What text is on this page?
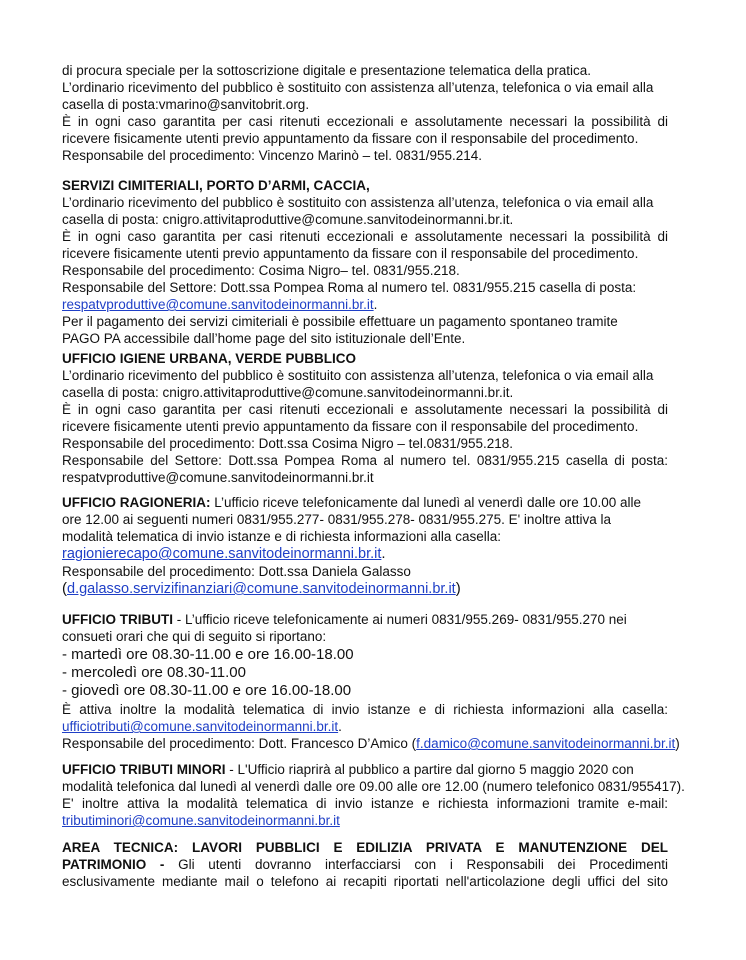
di procura speciale per la sottoscrizione digitale e presentazione telematica della pratica.
L’ordinario ricevimento del pubblico è sostituito con assistenza all’utenza, telefonica o via email alla
casella di posta:vmarino@sanvitobrit.org.
È in ogni caso garantita per casi ritenuti eccezionali e assolutamente necessari la possibilità di
ricevere fisicamente utenti previo appuntamento da fissare con il responsabile del procedimento.
Responsabile del procedimento: Vincenzo Marinò – tel. 0831/955.214.
SERVIZI CIMITERIALI, PORTO D’ARMI, CACCIA,
L’ordinario ricevimento del pubblico è sostituito con assistenza all’utenza, telefonica o via email alla
casella di posta: cnigro.attivitaproduttive@comune.sanvitodeinormanni.br.it.
È in ogni caso garantita per casi ritenuti eccezionali e assolutamente necessari la possibilità di
ricevere fisicamente utenti previo appuntamento da fissare con il responsabile del procedimento.
Responsabile del procedimento: Cosima Nigro– tel. 0831/955.218.
Responsabile del Settore: Dott.ssa Pompea Roma al numero tel. 0831/955.215 casella di posta:
respatvproduttive@comune.sanvitodeinormanni.br.it.
Per il pagamento dei servizi cimiteriali è possibile effettuare un pagamento spontaneo tramite
PAGO PA accessibile dall’home page del sito istituzionale dell’Ente.
UFFICIO IGIENE URBANA, VERDE PUBBLICO
L’ordinario ricevimento del pubblico è sostituito con assistenza all’utenza, telefonica o via email alla
casella di posta: cnigro.attivitaproduttive@comune.sanvitodeinormanni.br.it.
È in ogni caso garantita per casi ritenuti eccezionali e assolutamente necessari la possibilità di
ricevere fisicamente utenti previo appuntamento da fissare con il responsabile del procedimento.
Responsabile del procedimento: Dott.ssa Cosima Nigro – tel.0831/955.218.
Responsabile del Settore: Dott.ssa Pompea Roma al numero tel. 0831/955.215 casella di posta:
respatvproduttive@comune.sanvitodeinormanni.br.it
UFFICIO RAGIONERIA: L’ufficio riceve telefonicamente dal lunedì al venerdì dalle ore 10.00 alle
ore 12.00 ai seguenti numeri 0831/955.277- 0831/955.278- 0831/955.275. E' inoltre attiva la
modalità telematica di invio istanze e di richiesta informazioni alla casella:
ragionierecapo@comune.sanvitodeinormanni.br.it.
Responsabile del procedimento: Dott.ssa Daniela Galasso
(d.galasso.servizifinanziari@comune.sanvitodeinormanni.br.it)
UFFICIO TRIBUTI - L’ufficio riceve telefonicamente ai numeri 0831/955.269- 0831/955.270 nei
consueti orari che qui di seguito si riportano:
- martedì ore 08.30-11.00 e ore 16.00-18.00
- mercoledì ore 08.30-11.00
- giovedì ore 08.30-11.00 e ore 16.00-18.00
È attiva inoltre la modalità telematica di invio istanze e di richiesta informazioni alla casella:
ufficiotributi@comune.sanvitodeinormanni.br.it.
Responsabile del procedimento: Dott. Francesco D’Amico (f.damico@comune.sanvitodeinormanni.br.it)
UFFICIO TRIBUTI MINORI - L'Ufficio riaprirà al pubblico a partire dal giorno 5 maggio 2020 con
modalità telefonica dal lunedì al venerdì dalle ore 09.00 alle ore 12.00 (numero telefonico 0831/955417).
E' inoltre attiva la modalità telematica di invio istanze e richiesta informazioni tramite e-mail:
tributiminori@comune.sanvitodeinormanni.br.it
AREA TECNICA: LAVORI PUBBLICI E EDILIZIA PRIVATA E MANUTENZIONE DEL
PATRIMONIO - Gli utenti dovranno interfacciarsi con i Responsabili dei Procedimenti
esclusivamente mediante mail o telefono ai recapiti riportati nell'articolazione degli uffici del sito
